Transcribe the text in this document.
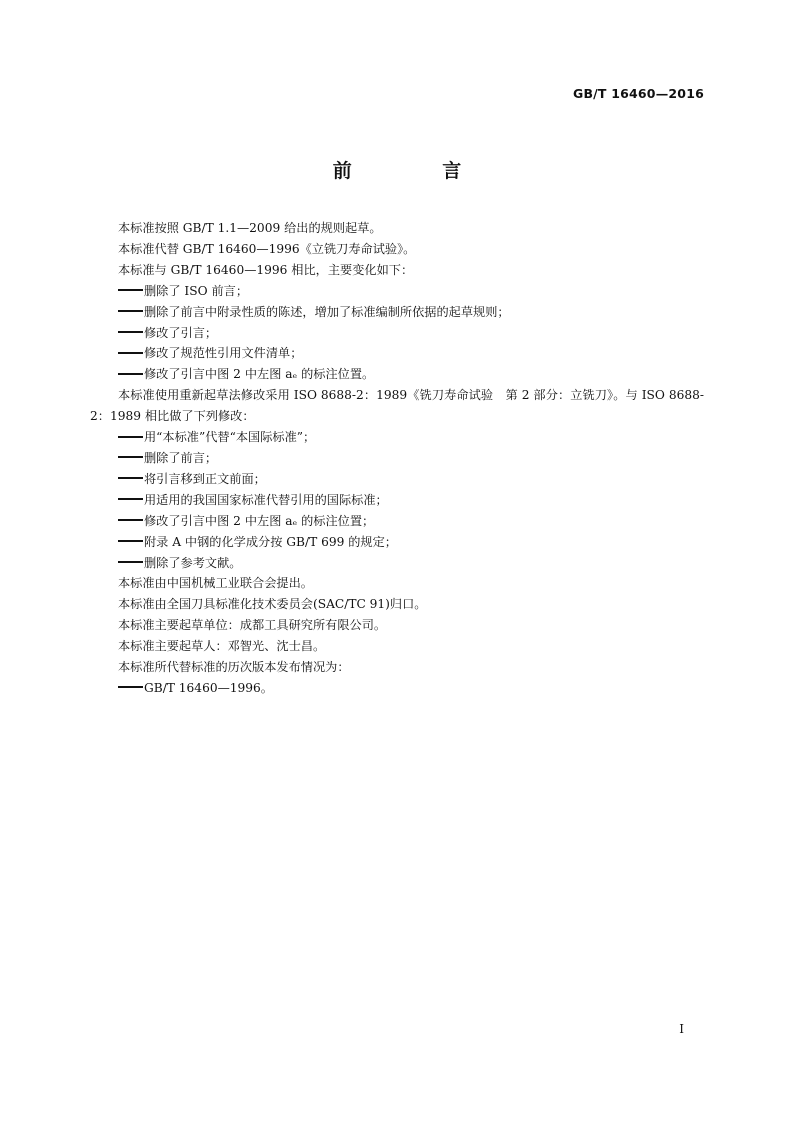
GB/T 16460—2016
前 言

本标准按照 GB/T 1.1—2009 给出的规则起草。

本标准代替 GB/T 16460—1996《立铣刀寿命试验》。

本标准与 GB/T 16460—1996 相比，主要变化如下：

删除了 ISO 前言；

删除了前言中附录性质的陈述，增加了标准编制所依据的起草规则；

修改了引言；

修改了规范性引用文件清单；

修改了引言中图 2 中左图 aₑ 的标注位置。

本标准使用重新起草法修改采用 ISO 8688-2：1989《铣刀寿命试验　第 2 部分：立铣刀》。与 ISO 8688-2：1989 相比做了下列修改：

用“本标准”代替“本国际标准”；

删除了前言；

将引言移到正文前面；

用适用的我国国家标准代替引用的国际标准；

修改了引言中图 2 中左图 aₑ 的标注位置；

附录 A 中钢的化学成分按 GB/T 699 的规定；

删除了参考文献。

本标准由中国机械工业联合会提出。

本标准由全国刀具标准化技术委员会(SAC/TC 91)归口。

本标准主要起草单位：成都工具研究所有限公司。

本标准主要起草人：邓智光、沈士昌。

本标准所代替标准的历次版本发布情况为：

GB/T 16460—1996。

I
